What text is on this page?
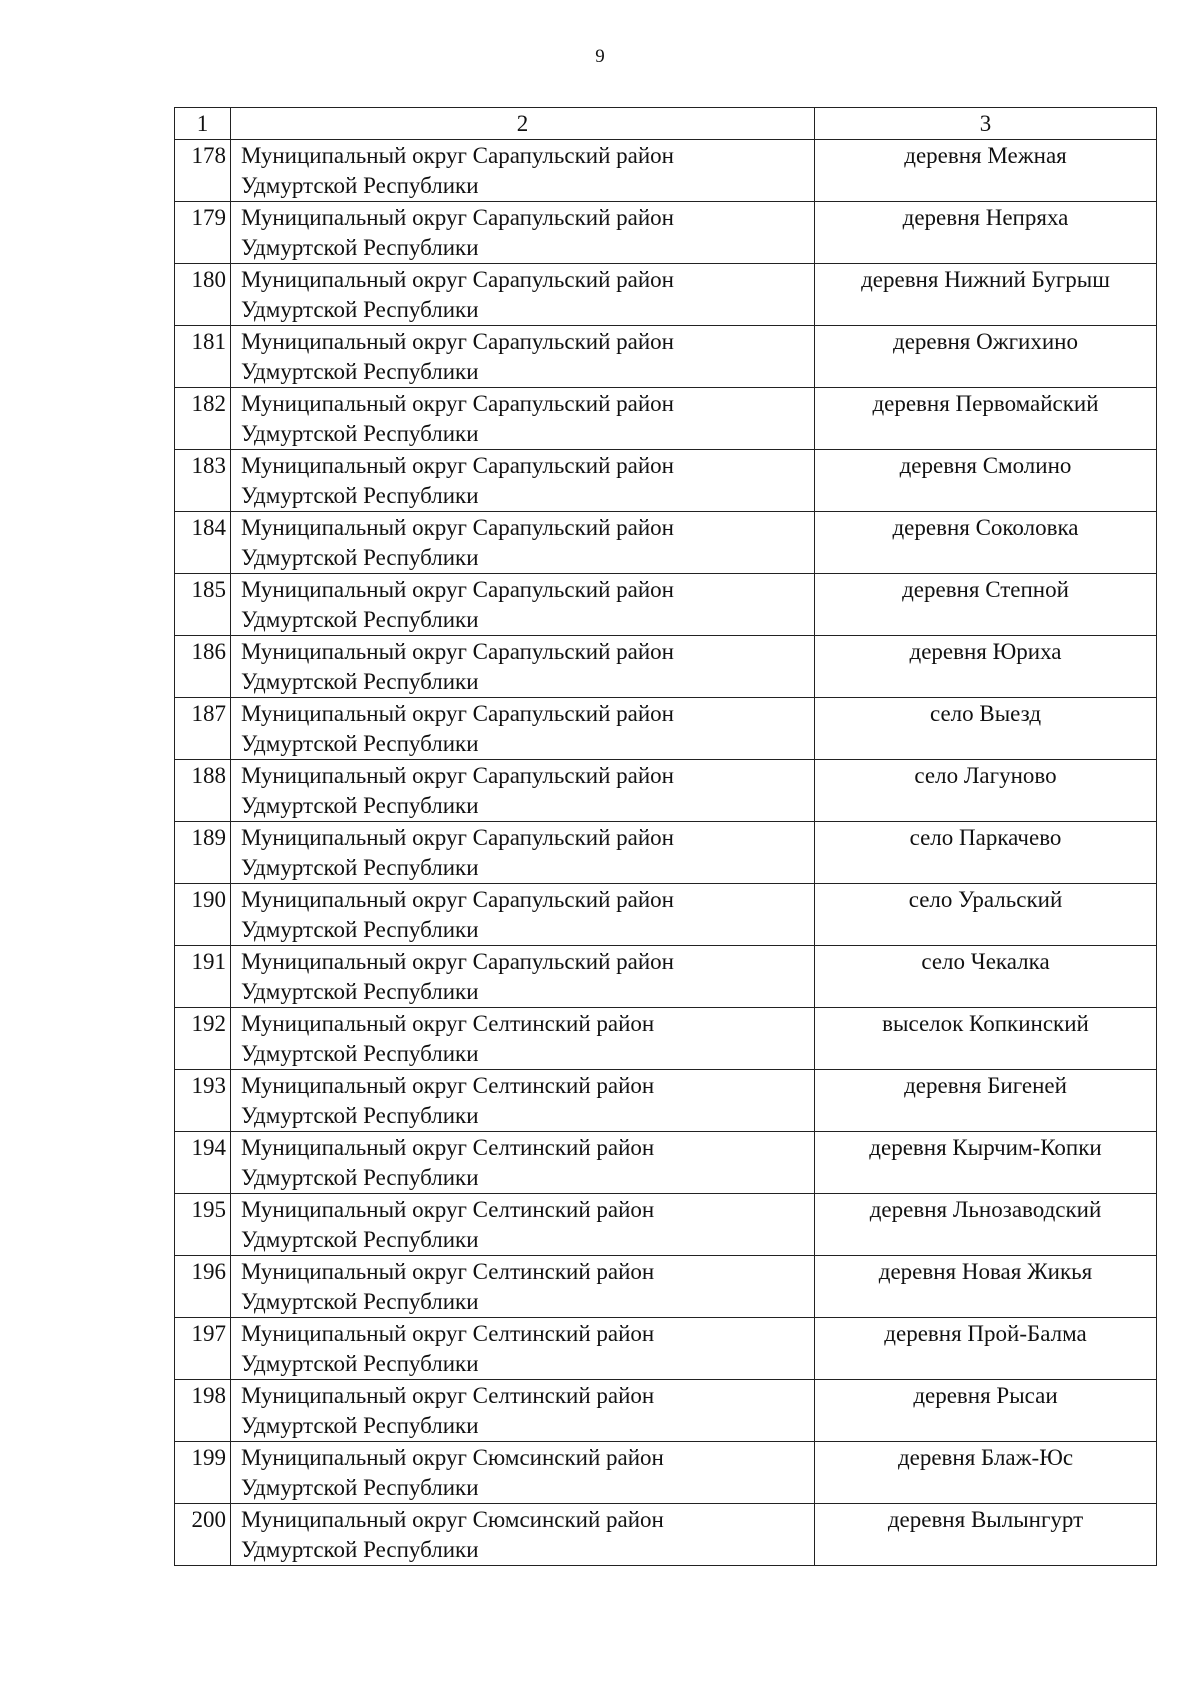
9
1	2	3
178	Муниципальный округ Сарапульский район
Удмуртской Республики	деревня Межная
179	Муниципальный округ Сарапульский район
Удмуртской Республики	деревня Непряха
180	Муниципальный округ Сарапульский район
Удмуртской Республики	деревня Нижний Бугрыш
181	Муниципальный округ Сарапульский район
Удмуртской Республики	деревня Ожгихино
182	Муниципальный округ Сарапульский район
Удмуртской Республики	деревня Первомайский
183	Муниципальный округ Сарапульский район
Удмуртской Республики	деревня Смолино
184	Муниципальный округ Сарапульский район
Удмуртской Республики	деревня Соколовка
185	Муниципальный округ Сарапульский район
Удмуртской Республики	деревня Степной
186	Муниципальный округ Сарапульский район
Удмуртской Республики	деревня Юриха
187	Муниципальный округ Сарапульский район
Удмуртской Республики	село Выезд
188	Муниципальный округ Сарапульский район
Удмуртской Республики	село Лагуново
189	Муниципальный округ Сарапульский район
Удмуртской Республики	село Паркачево
190	Муниципальный округ Сарапульский район
Удмуртской Республики	село Уральский
191	Муниципальный округ Сарапульский район
Удмуртской Республики	село Чекалка
192	Муниципальный округ Селтинский район
Удмуртской Республики	выселок Копкинский
193	Муниципальный округ Селтинский район
Удмуртской Республики	деревня Бигеней
194	Муниципальный округ Селтинский район
Удмуртской Республики	деревня Кырчим-Копки
195	Муниципальный округ Селтинский район
Удмуртской Республики	деревня Льнозаводский
196	Муниципальный округ Селтинский район
Удмуртской Республики	деревня Новая Жикья
197	Муниципальный округ Селтинский район
Удмуртской Республики	деревня Прой-Балма
198	Муниципальный округ Селтинский район
Удмуртской Республики	деревня Рысаи
199	Муниципальный округ Сюмсинский район
Удмуртской Республики	деревня Блаж-Юс
200	Муниципальный округ Сюмсинский район
Удмуртской Республики	деревня Вылынгурт
